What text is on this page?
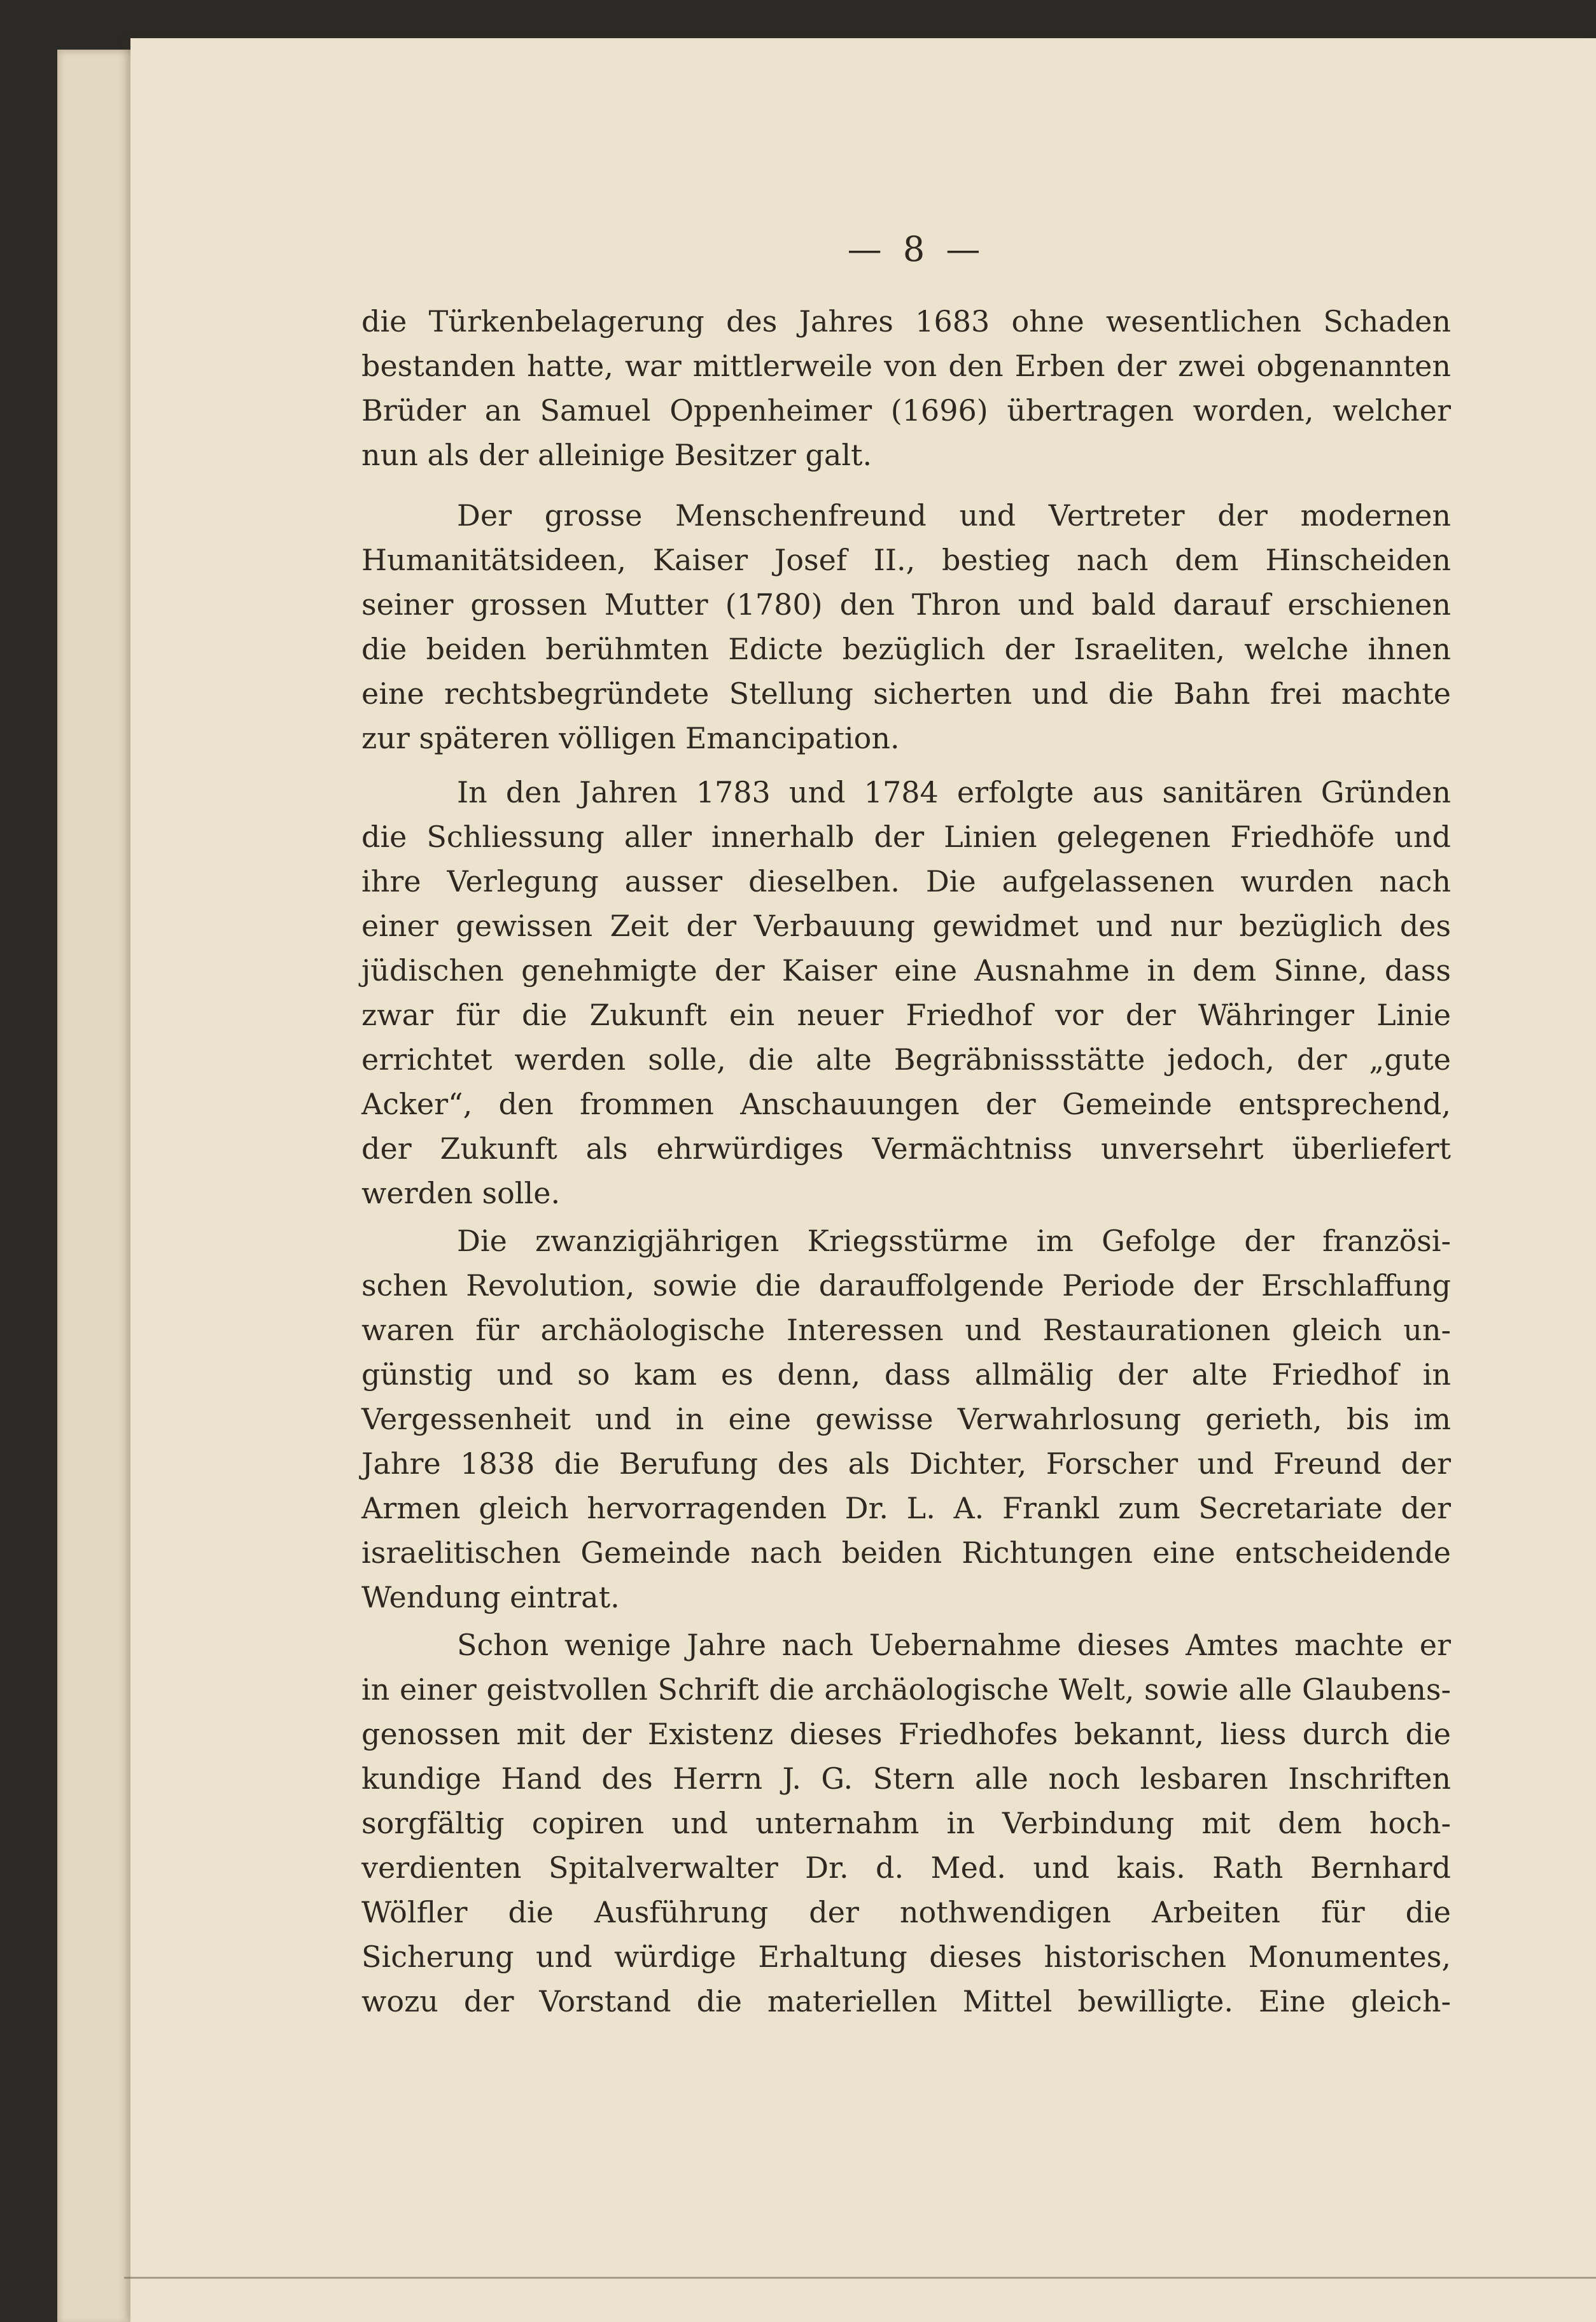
— 8 —
die Türkenbelagerung des Jahres 1683 ohne wesentlichen Schaden
bestanden hatte, war mittlerweile von den Erben der zwei obgenannten
Brüder an Samuel Oppenheimer (1696) übertragen worden, welcher
nun als der alleinige Besitzer galt.
Der grosse Menschenfreund und Vertreter der modernen
Humanitätsideen, Kaiser Josef II., bestieg nach dem Hinscheiden
seiner grossen Mutter (1780) den Thron und bald darauf erschienen
die beiden berühmten Edicte bezüglich der Israeliten, welche ihnen
eine rechtsbegründete Stellung sicherten und die Bahn frei machte
zur späteren völligen Emancipation.
In den Jahren 1783 und 1784 erfolgte aus sanitären Gründen
die Schliessung aller innerhalb der Linien gelegenen Friedhöfe und
ihre Verlegung ausser dieselben. Die aufgelassenen wurden nach
einer gewissen Zeit der Verbauung gewidmet und nur bezüglich des
jüdischen genehmigte der Kaiser eine Ausnahme in dem Sinne, dass
zwar für die Zukunft ein neuer Friedhof vor der Währinger Linie
errichtet werden solle, die alte Begräbnissstätte jedoch, der „gute
Acker“, den frommen Anschauungen der Gemeinde entsprechend,
der Zukunft als ehrwürdiges Vermächtniss unversehrt überliefert
werden solle.
Die zwanzigjährigen Kriegsstürme im Gefolge der französi-
schen Revolution, sowie die darauffolgende Periode der Erschlaffung
waren für archäologische Interessen und Restaurationen gleich un-
günstig und so kam es denn, dass allmälig der alte Friedhof in
Vergessenheit und in eine gewisse Verwahrlosung gerieth, bis im
Jahre 1838 die Berufung des als Dichter, Forscher und Freund der
Armen gleich hervorragenden Dr. L. A. Frankl zum Secretariate der
israelitischen Gemeinde nach beiden Richtungen eine entscheidende
Wendung eintrat.
Schon wenige Jahre nach Uebernahme dieses Amtes machte er
in einer geistvollen Schrift die archäologische Welt, sowie alle Glaubens-
genossen mit der Existenz dieses Friedhofes bekannt, liess durch die
kundige Hand des Herrn J. G. Stern alle noch lesbaren Inschriften
sorgfältig copiren und unternahm in Verbindung mit dem hoch-
verdienten Spitalverwalter Dr. d. Med. und kais. Rath Bernhard
Wölfler die Ausführung der nothwendigen Arbeiten für die
Sicherung und würdige Erhaltung dieses historischen Monumentes,
wozu der Vorstand die materiellen Mittel bewilligte. Eine gleich-
